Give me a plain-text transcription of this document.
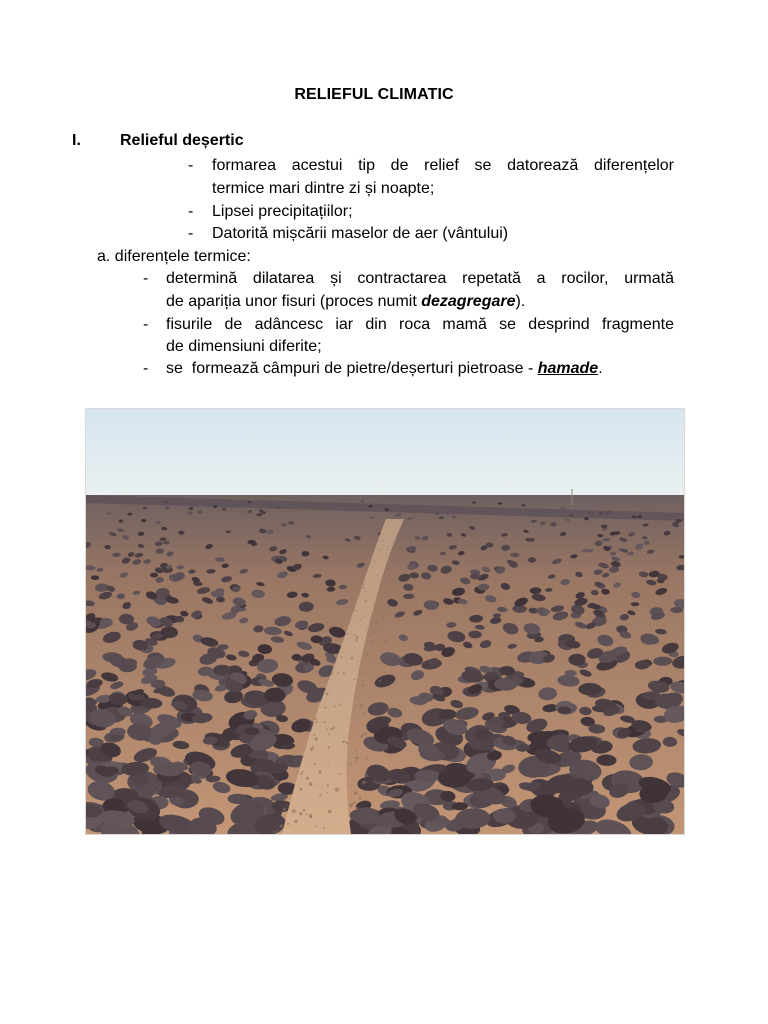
RELIEFUL CLIMATIC
I. Relieful deșertic
- formarea acestui tip de relief se datorează diferențelor
termice mari dintre zi și noapte;
- Lipsei precipitațiilor;
- Datorită mișcării maselor de aer (vântului)
a. diferențele termice:
- determină dilatarea și contractarea repetată a rocilor, urmată
de apariția unor fisuri (proces numit dezagregare).
- fisurile de adâncesc iar din roca mamă se desprind fragmente
de dimensiuni diferite;
- se  formează câmpuri de pietre/deșerturi pietroase - hamade.
